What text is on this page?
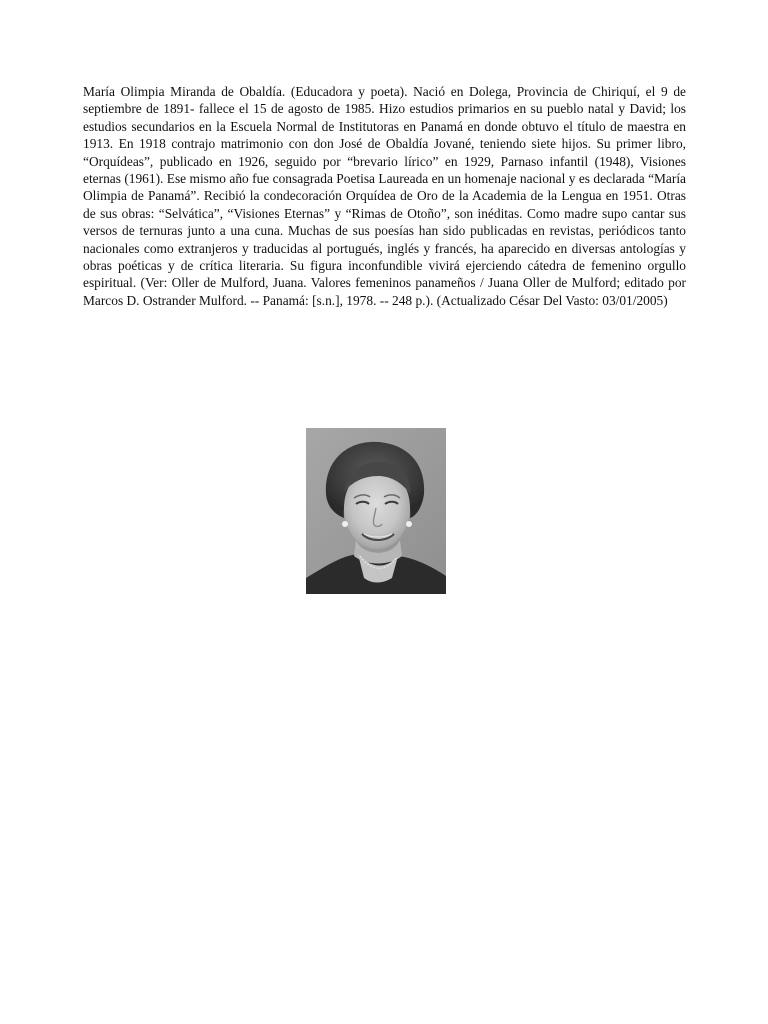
María Olimpia Miranda de Obaldía. (Educadora y poeta). Nació en Dolega, Provincia de Chiriquí, el 9 de septiembre de 1891- fallece el 15 de agosto de 1985. Hizo estudios primarios en su pueblo natal y David; los estudios secundarios en la Escuela Normal de Institutoras en Panamá en donde obtuvo el título de maestra en 1913. En 1918 contrajo matrimonio con don José de Obaldía Jované, teniendo siete hijos. Su primer libro, “Orquídeas”, publicado en 1926, seguido por “brevario lírico” en 1929, Parnaso infantil (1948), Visiones eternas (1961). Ese mismo año fue consagrada Poetisa Laureada en un homenaje nacional y es declarada “María Olimpia de Panamá”. Recibió la condecoración Orquídea de Oro de la Academia de la Lengua en 1951. Otras de sus obras: “Selvática”, “Visiones Eternas” y “Rimas de Otoño”, son inéditas. Como madre supo cantar sus versos de ternuras junto a una cuna. Muchas de sus poesías han sido publicadas en revistas, periódicos tanto nacionales como extranjeros y traducidas al portugués, inglés y francés, ha aparecido en diversas antologías y obras poéticas y de crítica literaria. Su figura inconfundible vivirá ejerciendo cátedra de femenino orgullo espiritual. (Ver: Oller de Mulford, Juana. Valores femeninos panameños / Juana Oller de Mulford; editado por Marcos D. Ostrander Mulford. -- Panamá: [s.n.], 1978. -- 248 p.). (Actualizado César Del Vasto: 03/01/2005)
